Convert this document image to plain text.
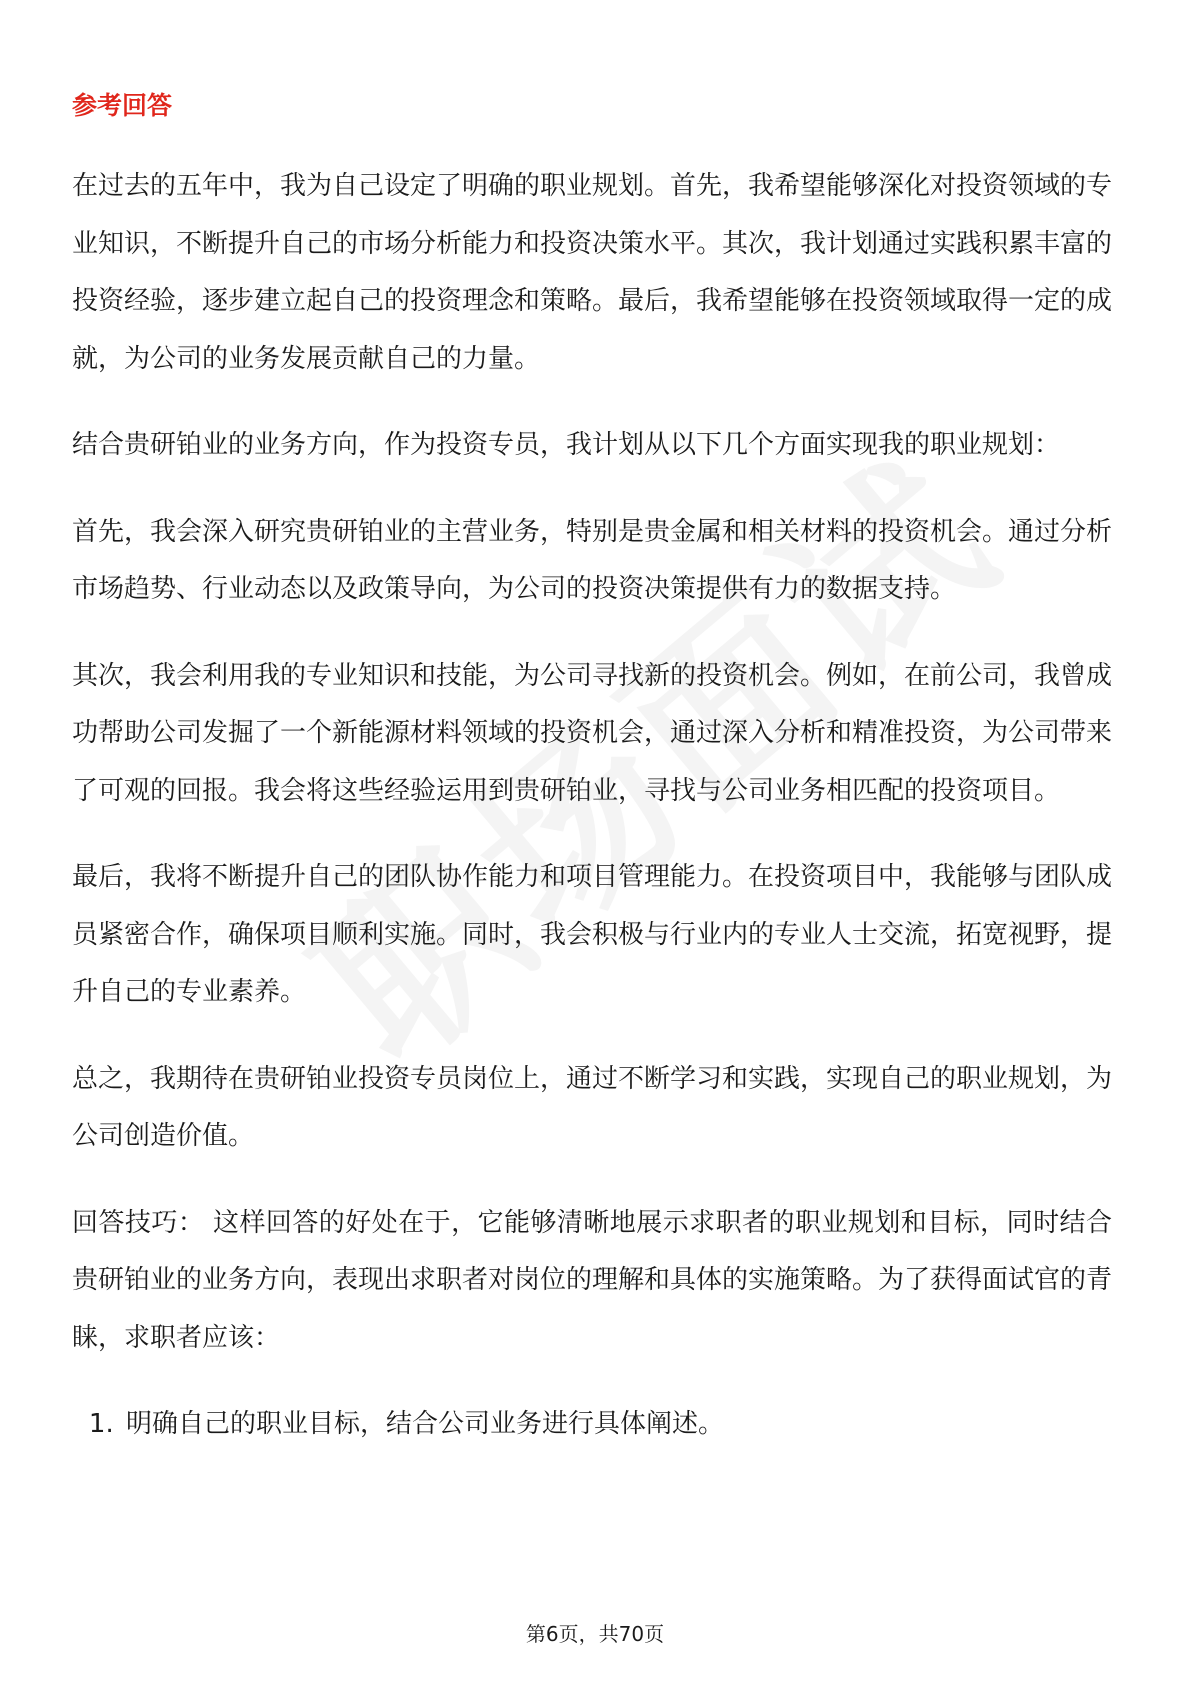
参考回答

在过去的五年中，我为自己设定了明确的职业规划。首先，我希望能够深化对投资领域的专业知识，不断提升自己的市场分析能力和投资决策水平。其次，我计划通过实践积累丰富的投资经验，逐步建立起自己的投资理念和策略。最后，我希望能够在投资领域取得一定的成就，为公司的业务发展贡献自己的力量。

结合贵研铂业的业务方向，作为投资专员，我计划从以下几个方面实现我的职业规划：

首先，我会深入研究贵研铂业的主营业务，特别是贵金属和相关材料的投资机会。通过分析市场趋势、行业动态以及政策导向，为公司的投资决策提供有力的数据支持。

其次，我会利用我的专业知识和技能，为公司寻找新的投资机会。例如，在前公司，我曾成功帮助公司发掘了一个新能源材料领域的投资机会，通过深入分析和精准投资，为公司带来了可观的回报。我会将这些经验运用到贵研铂业，寻找与公司业务相匹配的投资项目。

最后，我将不断提升自己的团队协作能力和项目管理能力。在投资项目中，我能够与团队成员紧密合作，确保项目顺利实施。同时，我会积极与行业内的专业人士交流，拓宽视野，提升自己的专业素养。

总之，我期待在贵研铂业投资专员岗位上，通过不断学习和实践，实现自己的职业规划，为公司创造价值。

回答技巧： 这样回答的好处在于，它能够清晰地展示求职者的职业规划和目标，同时结合贵研铂业的业务方向，表现出求职者对岗位的理解和具体的实施策略。为了获得面试官的青睐，求职者应该：

1. 明确自己的职业目标，结合公司业务进行具体阐述。
第6页，共70页
